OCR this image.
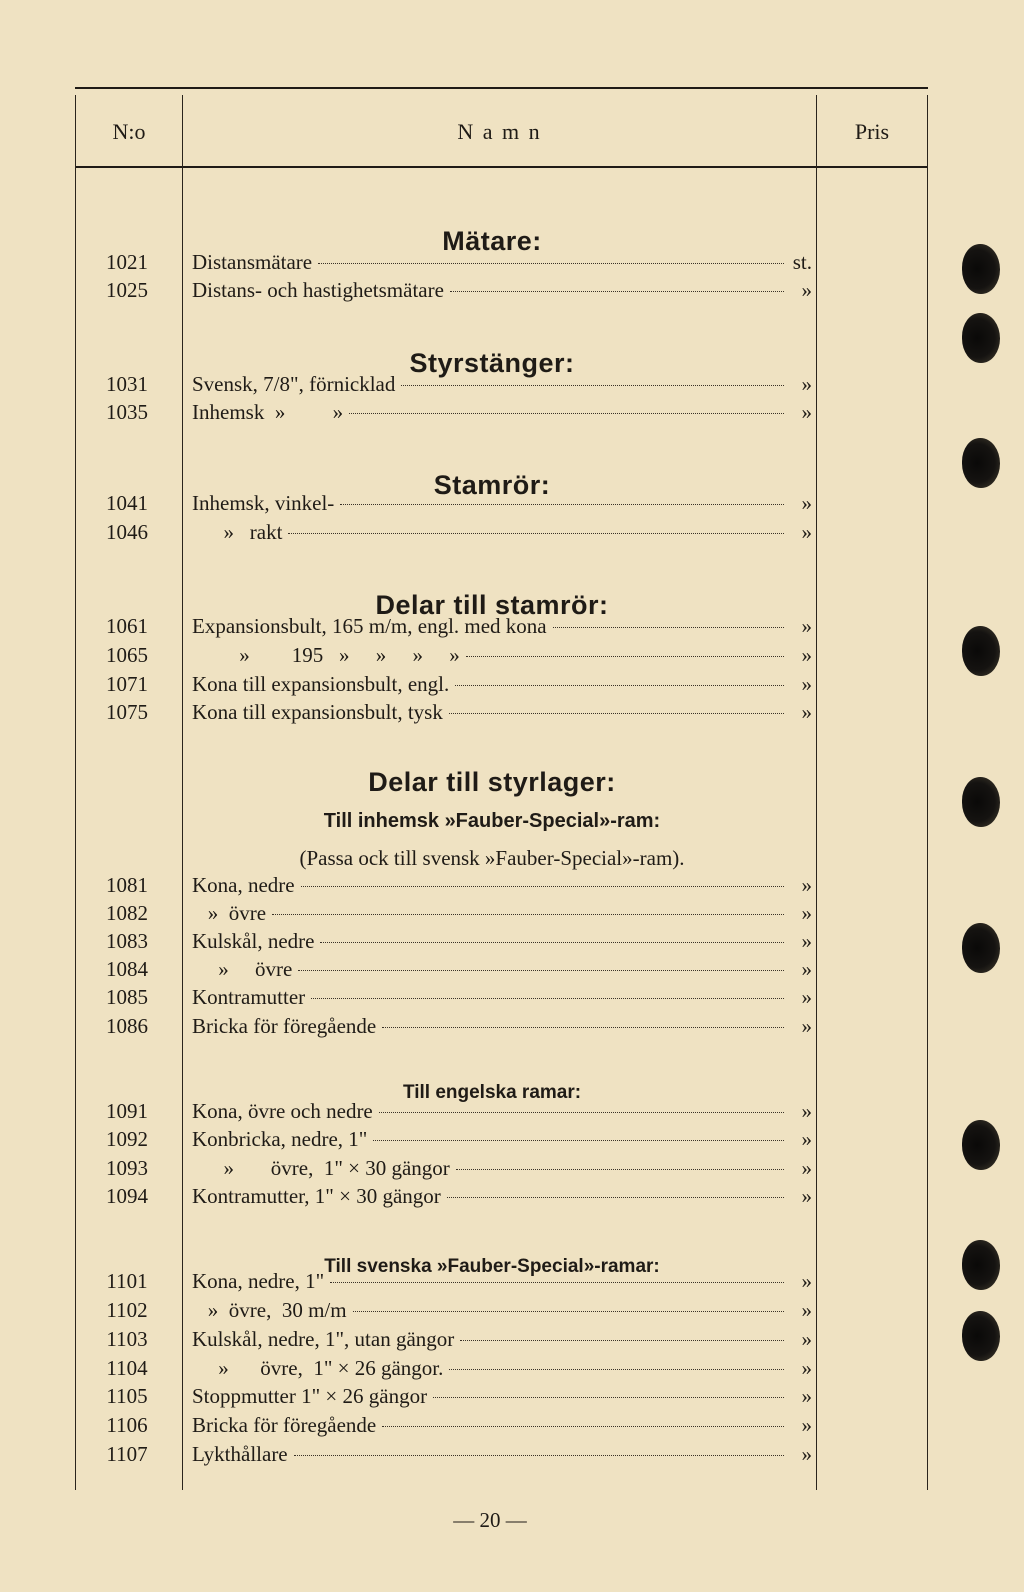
N:o	N a m n	Pris
Mätare:
Styrstänger:
Stamrör:
Delar till stamrör:
Delar till styrlager:
Till inhemsk »Fauber-Special»-ram:
(Passa ock till svensk »Fauber-Special»-ram).
Till engelska ramar:
Till svenska »Fauber-Special»-ramar:
1021	Distansmätare	st.
1025	Distans- och hastighetsmätare	»
1031	Svensk, 7/8", förnicklad	»
1035	Inhemsk  »         »	»
1041	Inhemsk, vinkel-	»
1046	»   rakt	»
1061	Expansionsbult, 165 m/m, engl. med kona	»
1065	»        195   »     »     »     »	»
1071	Kona till expansionsbult, engl.	»
1075	Kona till expansionsbult, tysk	»
1081	Kona, nedre	»
1082	»  övre	»
1083	Kulskål, nedre	»
1084	»     övre	»
1085	Kontramutter	»
1086	Bricka för föregående	»
1091	Kona, övre och nedre	»
1092	Konbricka, nedre, 1"	»
1093	»       övre,  1" × 30 gängor	»
1094	Kontramutter, 1" × 30 gängor	»
1101	Kona, nedre, 1"	»
1102	»  övre,  30 m/m	»
1103	Kulskål, nedre, 1", utan gängor	»
1104	»      övre,  1" × 26 gängor.	»
1105	Stoppmutter 1" × 26 gängor	»
1106	Bricka för föregående	»
1107	Lykthållare	»
— 20 —
